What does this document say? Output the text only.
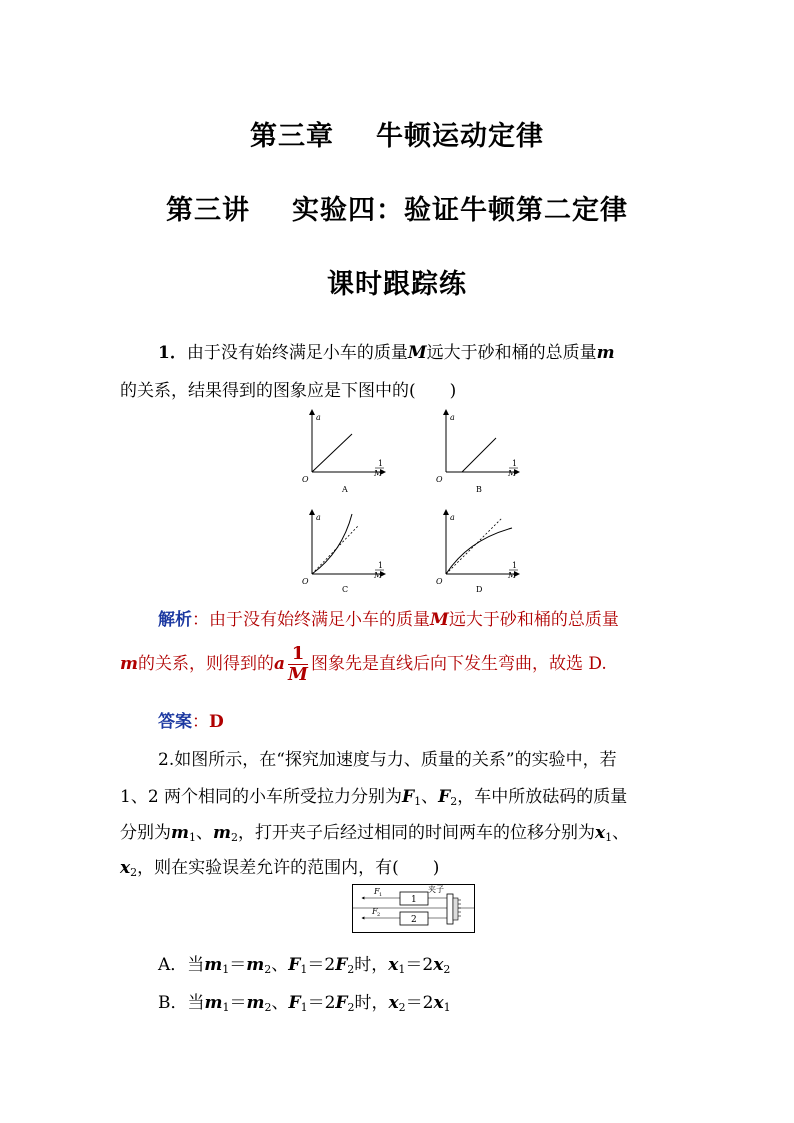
第三章 牛顿运动定律
第三讲 实验四：验证牛顿第二定律
课时跟踪练
1．由于没有始终满足小车的质量M远大于砂和桶的总质量m
的关系，结果得到的图象应是下图中的(　　)
a
O
1
M
A
a
O
1
M
B
a
O
1
M
C
a
O
1
M
D
解析：由于没有始终满足小车的质量M远大于砂和桶的总质量
m的关系，则得到的a $\frac{1}{M}$ 图象先是直线后向下发生弯曲，故选 D.
答案：D
2.如图所示，在“探究加速度与力、质量的关系”的实验中，若
1、2 两个相同的小车所受拉力分别为$F_1$、$F_2$，车中所放砝码的质量
分别为$m_1$、$m_2$，打开夹子后经过相同的时间两车的位移分别为$x_1$、
$x_2$，则在实验误差允许的范围内，有(　　)
1
2
F 1
F 2
夹子
A．当$m_1=m_2$、$F_1=2F_2$时，$x_1=2x_2$
B．当$m_1=m_2$、$F_1=2F_2$时，$x_2=2x_1$
